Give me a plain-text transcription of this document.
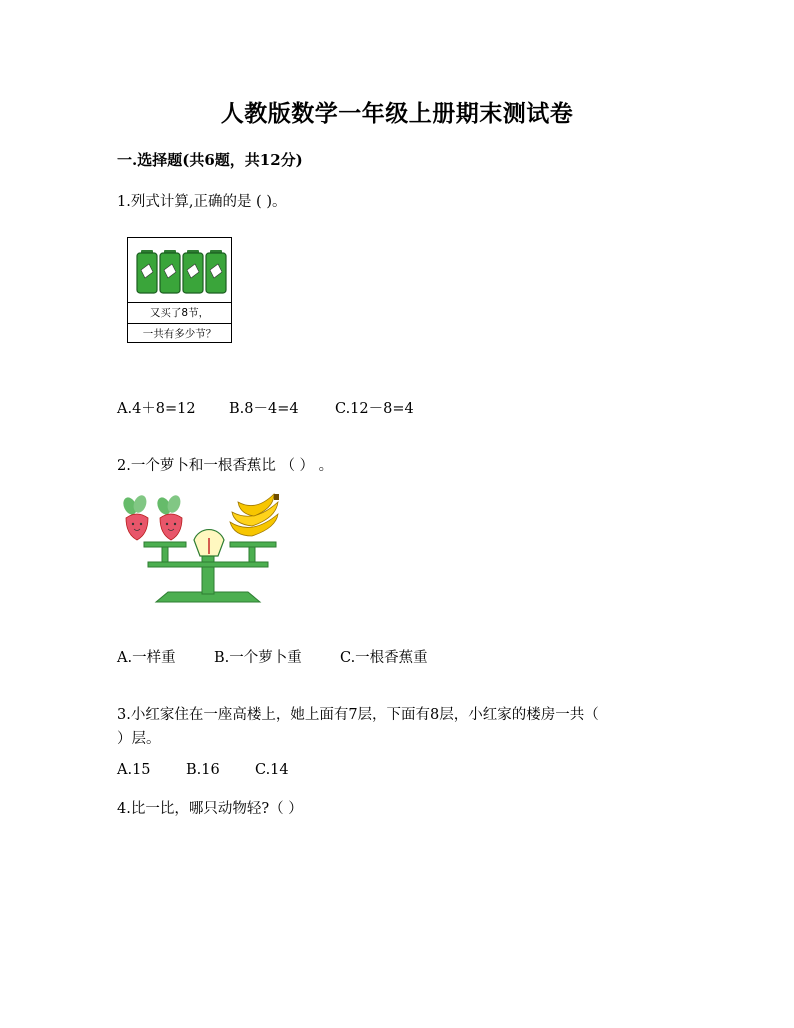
人教版数学一年级上册期末测试卷
一.选择题(共6题，共12分)
1.列式计算,正确的是 ( )。
又买了8节，
一共有多少节？
A.4＋8=12 B.8－4=4	C.12－8=4
2.一个萝卜和一根香蕉比 （ ） 。
A.一样重	B.一个萝卜重	C.一根香蕉重
3.小红家住在一座高楼上，她上面有7层，下面有8层，小红家的楼房一共（
）层。
A.15 B.16 C.14
4.比一比，哪只动物轻?（ ）
